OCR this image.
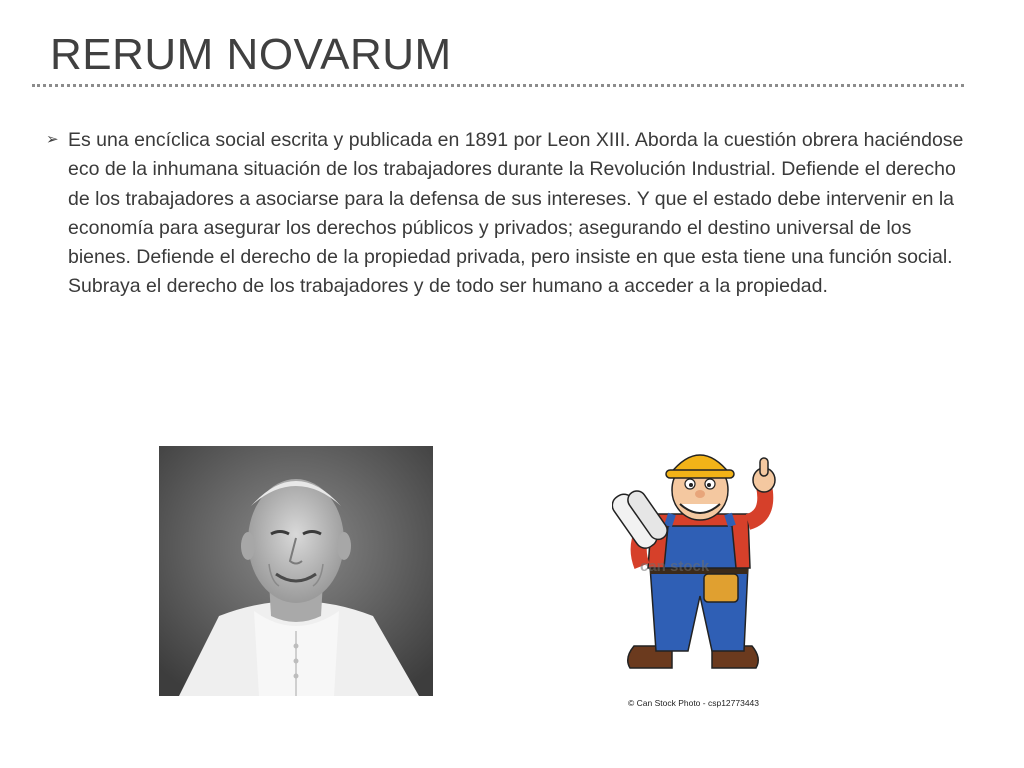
RERUM NOVARUM
➢ Es una encíclica social escrita y publicada en 1891 por Leon XIII. Aborda la cuestión obrera haciéndose eco de la inhumana situación de los trabajadores durante la Revolución Industrial. Defiende el derecho de los trabajadores a asociarse para la defensa de sus intereses. Y que el estado debe intervenir en la economía para asegurar los derechos públicos y privados; asegurando el destino universal de los bienes. Defiende el derecho de la propiedad privada, pero insiste en que esta tiene una función social. Subraya el derecho de los trabajadores y de todo ser humano a acceder a la propiedad.

can stock
© Can Stock Photo - csp12773443
